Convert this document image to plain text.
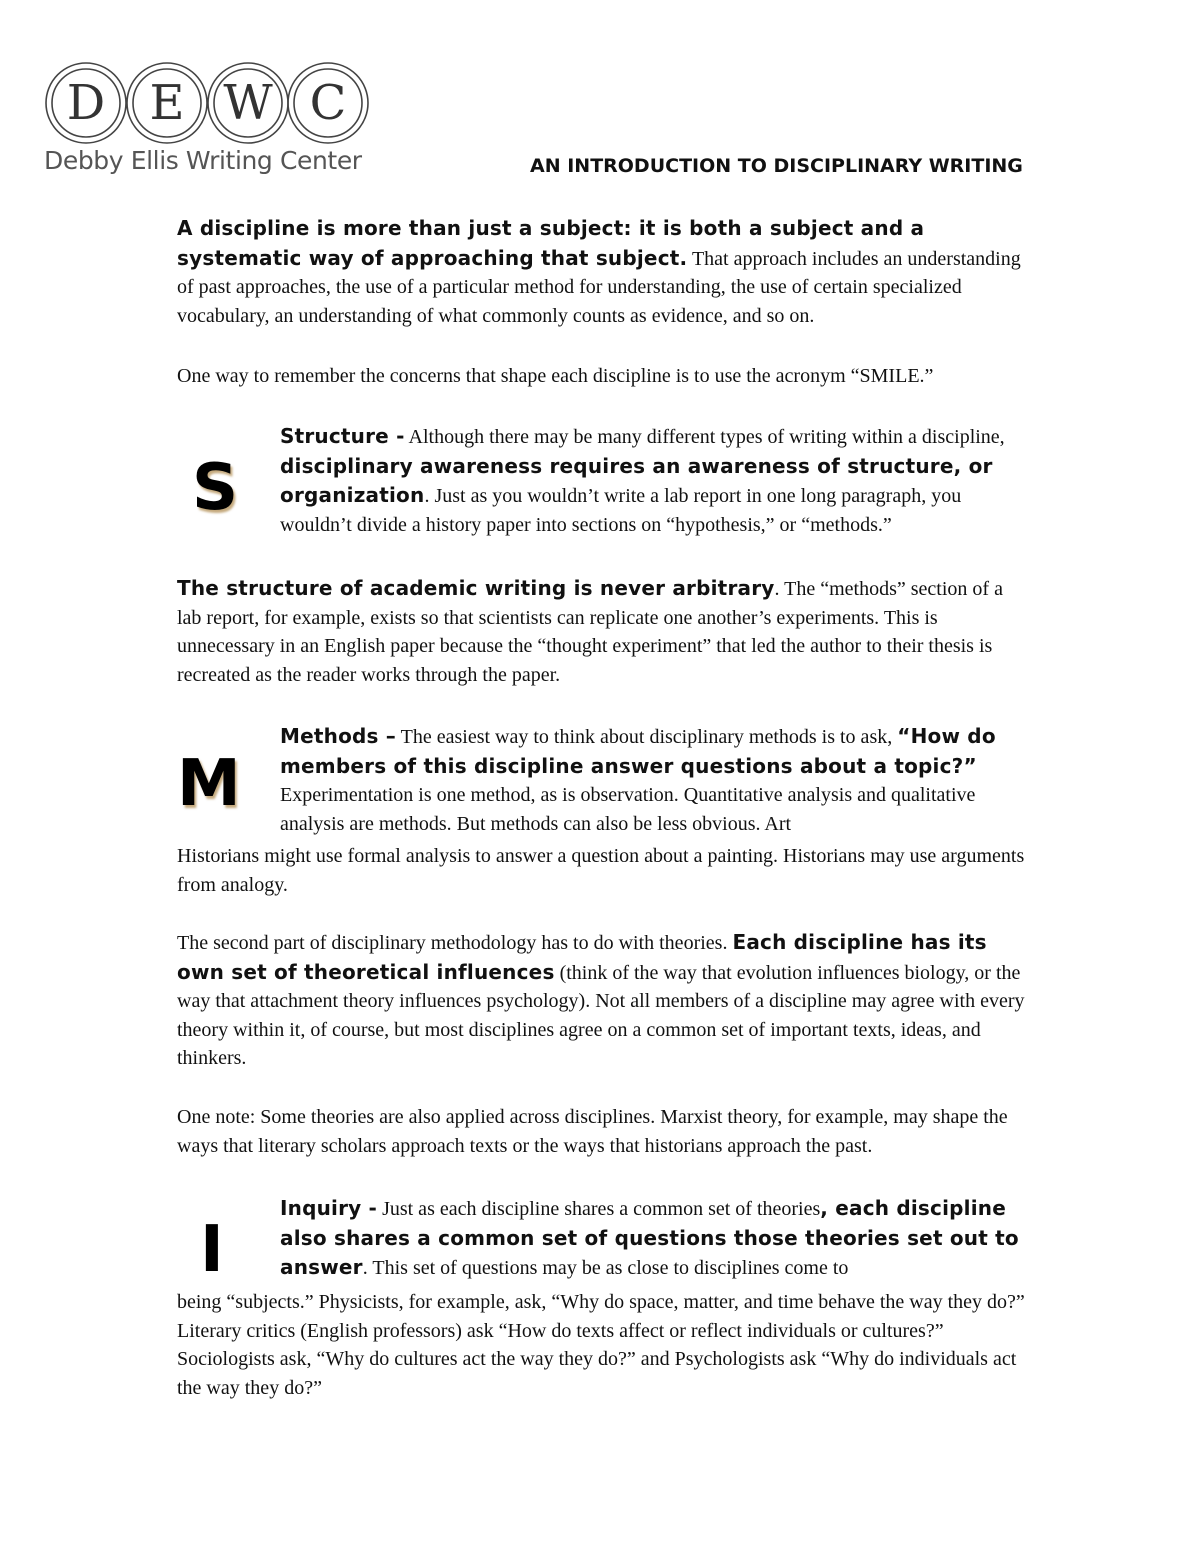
D E W C
Debby Ellis Writing Center	AN INTRODUCTION TO DISCIPLINARY WRITING

A discipline is more than just a subject: it is both a subject and a systematic way of approaching that subject. That approach includes an understanding of past approaches, the use of a particular method for understanding, the use of certain specialized vocabulary, an understanding of what commonly counts as evidence, and so on.

One way to remember the concerns that shape each discipline is to use the acronym “SMILE.”

S

Structure - Although there may be many different types of writing within a discipline, disciplinary awareness requires an awareness of structure, or organization. Just as you wouldn’t write a lab report in one long paragraph, you wouldn’t divide a history paper into sections on “hypothesis,” or “methods.”

The structure of academic writing is never arbitrary. The “methods” section of a lab report, for example, exists so that scientists can replicate one another’s experiments. This is unnecessary in an English paper because the “thought experiment” that led the author to their thesis is recreated as the reader works through the paper.

M

Methods – The easiest way to think about disciplinary methods is to ask, “How do members of this discipline answer questions about a topic?” Experimentation is one method, as is observation. Quantitative analysis and qualitative analysis are methods. But methods can also be less obvious. Art

Historians might use formal analysis to answer a question about a painting. Historians may use arguments from analogy.

The second part of disciplinary methodology has to do with theories. Each discipline has its own set of theoretical influences (think of the way that evolution influences biology, or the way that attachment theory influences psychology). Not all members of a discipline may agree with every theory within it, of course, but most disciplines agree on a common set of important texts, ideas, and thinkers.

One note: Some theories are also applied across disciplines. Marxist theory, for example, may shape the ways that literary scholars approach texts or the ways that historians approach the past.

I

Inquiry - Just as each discipline shares a common set of theories, each discipline also shares a common set of questions those theories set out to answer. This set of questions may be as close to disciplines come to

being “subjects.” Physicists, for example, ask, “Why do space, matter, and time behave the way they do?” Literary critics (English professors) ask “How do texts affect or reflect individuals or cultures?” Sociologists ask, “Why do cultures act the way they do?” and Psychologists ask “Why do individuals act the way they do?”
